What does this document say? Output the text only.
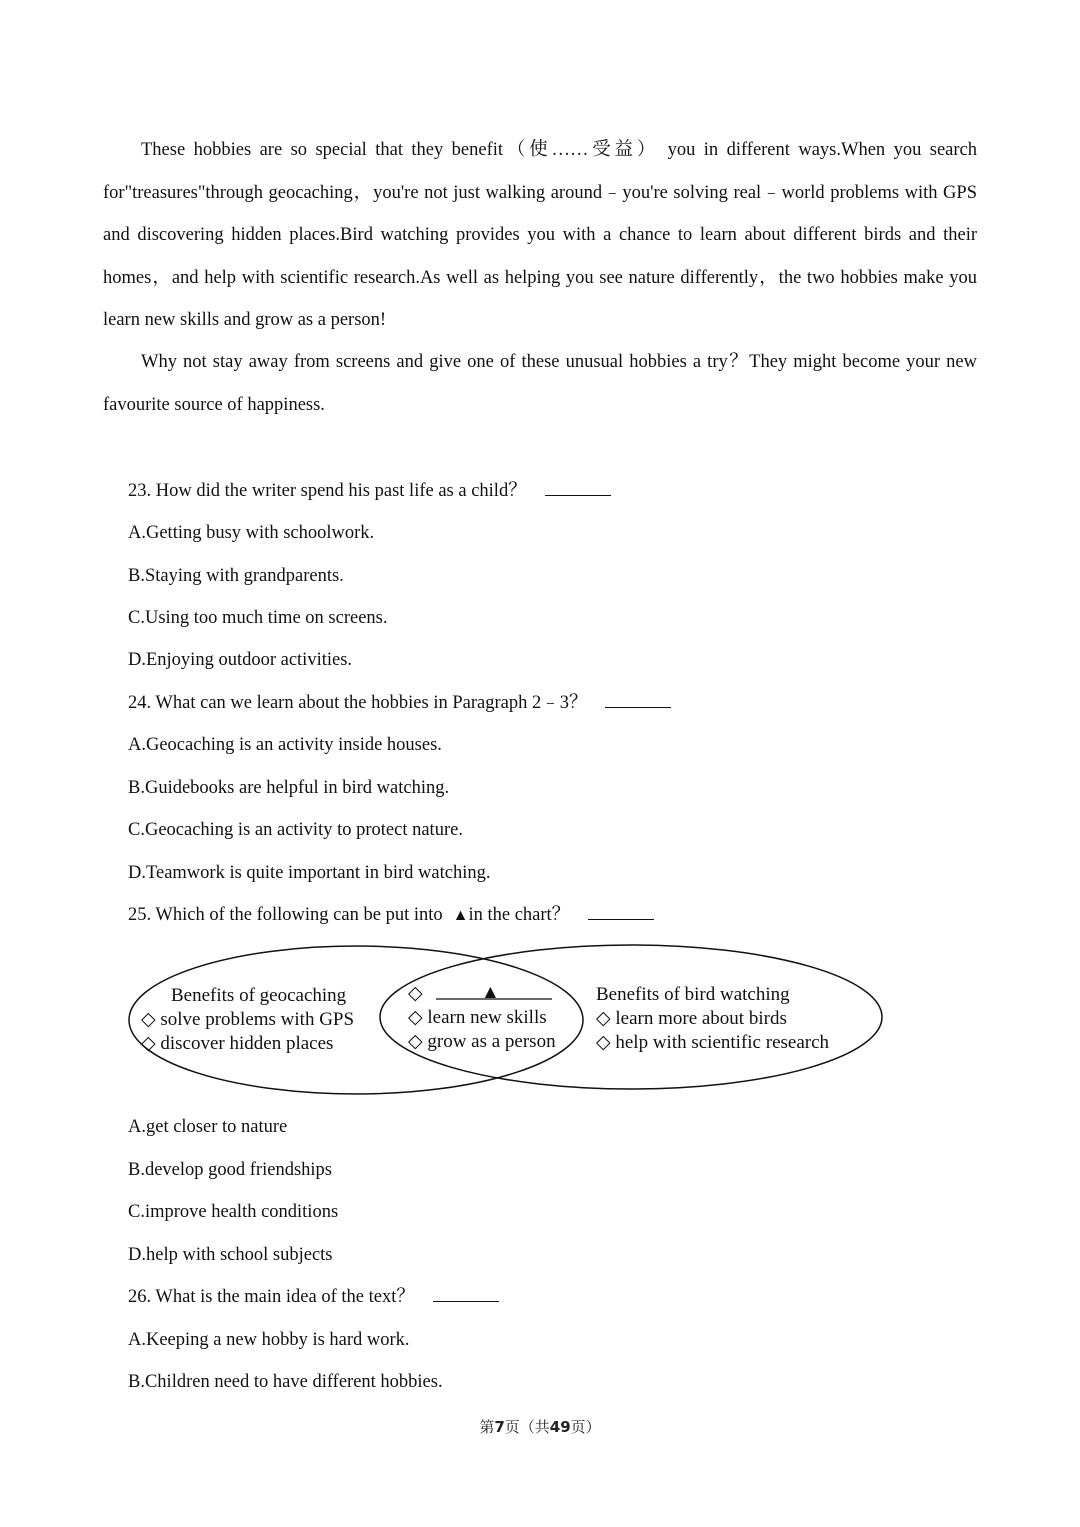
These hobbies are so special that they benefit（使……受益） you in different ways.When you search for"treasures"through geocaching，you're not just walking around﹣you're solving real﹣world problems with GPS and discovering hidden places.Bird watching provides you with a chance to learn about different birds and their homes，and help with scientific research.As well as helping you see nature differently，the two hobbies make you learn new skills and grow as a person!

Why not stay away from screens and give one of these unusual hobbies a try？They might become your new favourite source of happiness.

23. How did the writer spend his past life as a child？
A.Getting busy with schoolwork.
B.Staying with grandparents.
C.Using too much time on screens.
D.Enjoying outdoor activities.
24. What can we learn about the hobbies in Paragraph 2﹣3？
A.Geocaching is an activity inside houses.
B.Guidebooks are helpful in bird watching.
C.Geocaching is an activity to protect nature.
D.Teamwork is quite important in bird watching.
25. Which of the following can be put into ▲in the chart？
Benefits of geocaching
◇ solve problems with GPS
◇ discover hidden places
◇	▲
◇ learn new skills
◇ grow as a person
Benefits of bird watching
◇ learn more about birds
◇ help with scientific research
A.get closer to nature
B.develop good friendships
C.improve health conditions
D.help with school subjects
26. What is the main idea of the text？
A.Keeping a new hobby is hard work.
B.Children need to have different hobbies.
第7页（共49页）
